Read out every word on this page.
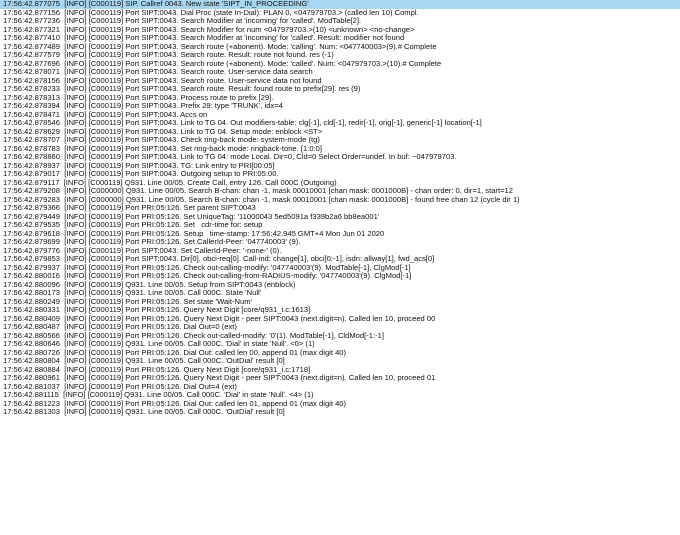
17:56:42.877075  [INFO] [C000119] SIP. Callref 0043. New state 'SIPT_IN_PROCEEDING'
17:56:42.877156  [INFO] [C000119] Port SIPT:0043. Dial Proc (state In-Dial): PLAN 0, <047979703.> (called len 10) Compl.
17:56:42.877236  [INFO] [C000119] Port SIPT:0043. Search Modifier at 'incoming' for 'called'. ModTable[2].
17:56:42.877321  [INFO] [C000119] Port SIPT:0043. Search Modifier for num <047979703.>(10) <unknown> <no-change>
17:56:42.877410  [INFO] [C000119] Port SIPT:0043. Search Modifier at 'incoming' for 'called'. Result: modifier not found
17:56:42.877489  [INFO] [C000119] Port SIPT:0043. Search route (+abonent). Mode: 'calling'. Num: <047740003>(9).# Complete
17:56:42.877579  [INFO] [C000119] Port SIPT:0043. Search route. Result: route not found. res (-1)
17:56:42.877696  [INFO] [C000119] Port SIPT:0043. Search route (+abonent). Mode: 'called'. Num: <047979703.>(10).# Complete
17:56:42.878071  [INFO] [C000119] Port SIPT:0043. Search route. User-service data search
17:56:42.878156  [INFO] [C000119] Port SIPT:0043. Search route. User-service data not found
17:56:42.878233  [INFO] [C000119] Port SIPT:0043. Search route. Result: found route to prefix[29]. res (9)
17:56:42.878313  [INFO] [C000119] Port SIPT:0043. Process route to prefix [29].
17:56:42.878394  [INFO] [C000119] Port SIPT:0043. Prefix 29: type 'TRUNK', idx=4
17:56:42.878471  [INFO] [C000119] Port SIPT:0043. Accs on
17:56:42.878546  [INFO] [C000119] Port SIPT:0043. Link to TG 04. Out modifiers-table: clg[-1], cld[-1], redir[-1], orig[-1], generic[-1] location[-1]
17:56:42.878629  [INFO] [C000119] Port SIPT:0043. Link to TG 04. Setup mode: enblock <ST>
17:56:42.878707  [INFO] [C000119] Port SIPT:0043. Check ring-back mode: system-mode (tg)
17:56:42.878783  [INFO] [C000119] Port SIPT:0043. Set ring-back mode: ringback-tone. [1:0:0]
17:56:42.878860  [INFO] [C000119] Port SIPT:0043. Link to TG 04: mode Local. Dir=0, Cld=0 Select Order=undef. In buf: ~047979703.
17:56:42.878937  [INFO] [C000119] Port SIPT:0043. TG: Link entry to PRI[00:05]
17:56:42.879017  [INFO] [C000119] Port SIPT:0043. Outgoing setup to PRI:05:00.
17:56:42.879117  [INFO] [C000119] Q931. Line 00/05. Create Call, entry 126. Call 000C (Outgoing)
17:56:42.879208  [INFO] [C000000] Q931. Line 00/05. Search B-chan: chan -1, mask 00010001 [chan mask: 0001000B] - chan order: 0, dir=1, start=12
17:56:42.879283  [INFO] [C000000] Q931. Line 00/05. Search B-chan: chan -1, mask 00010001 [chan mask: 0001000B] - found free chan 12 (cycle dir 1)
17:56:42.879366  [INFO] [C000119] Port PRI:05:126. Set parent SIPT:0043
17:56:42.879449  [INFO] [C000119] Port PRI:05:126. Set UniqueTag: '11000043 5ed5091a f339b2a6 bb8ea001'
17:56:42.879535  [INFO] [C000119] Port PRI:05:126. Set   cdr-time for: setup
17:56:42.879618  [INFO] [C000119] Port PRI:05:126. Setup   time-stamp: 17:56:42.945 GMT+4 Mon Jun 01 2020
17:56:42.879699  [INFO] [C000119] Port PRI:05:126. Set CallerId-Peer: '047740003' (9).
17:56:42.879776  [INFO] [C000119] Port SIPT:0043. Set CallerId-Peer: '-none-' (0).
17:56:42.879853  [INFO] [C000119] Port SIPT:0043. Dir[0], obci-req[0]. Call-ind: change[1], obci[0:-1], isdn: allway[1], fwd_acs[0]
17:56:42.879937  [INFO] [C000119] Port PRI:05:126. Check out-calling-modify: '047740003'(9). ModTable[-1], ClgMod[-1]
17:56:42.880016  [INFO] [C000119] Port PRI:05:126. Check out-calling-from-RADIUS-modify: '047740003'(9). ClgMod[-1]
17:56:42.880096  [INFO] [C000119] Q931. Line 00/05. Setup from SIPT:0043 (enblock)
17:56:42.880173  [INFO] [C000119] Q931. Line 00/05. Call 000C. State 'Null'
17:56:42.880249  [INFO] [C000119] Port PRI:05:126. Set state 'Wait-Num'
17:56:42.880331  [INFO] [C000119] Port PRI:05:126. Query Next Digit [core/q931_i.c:1613]
17:56:42.880409  [INFO] [C000119] Port PRI:05:126. Query Next Digit - peer SIPT:0043 (next.digit=n). Called len 10, proceed 00
17:56:42.880487  [INFO] [C000119] Port PRI:05:126. Dial Out=0 (ext)
17:56:42.880566  [INFO] [C000119] Port PRI:05:126. Check out-called-modify: '0'(1). ModTable[-1], CldMod[-1:-1]
17:56:42.880646  [INFO] [C000119] Q931. Line 00/05. Call 000C. 'Dial' in state 'Null'. <0> (1)
17:56:42.880726  [INFO] [C000119] Port PRI:05:126. Dial Out: called len 00, append 01 (max digit 40)
17:56:42.880804  [INFO] [C000119] Q931. Line 00/05. Call 000C. 'OutDial' result [0]
17:56:42.880884  [INFO] [C000119] Port PRI:05:126. Query Next Digit [core/q931_i.c:1718]
17:56:42.880961  [INFO] [C000119] Port PRI:05:126. Query Next Digit - peer SIPT:0043 (next.digit=n). Called len 10, proceed 01
17:56:42.881037  [INFO] [C000119] Port PRI:05:126. Dial Out=4 (ext)
17:56:42.881115  [INFO] [C000119] Q931. Line 00/05. Call 000C. 'Dial' in state 'Null'. <4> (1)
17:56:42.881223  [INFO] [C000119] Port PRI:05:126. Dial Out: called len 01, append 01 (max digit 40)
17:56:42.881303  [INFO] [C000119] Q931. Line 00/05. Call 000C. 'OutDial' result [0]
